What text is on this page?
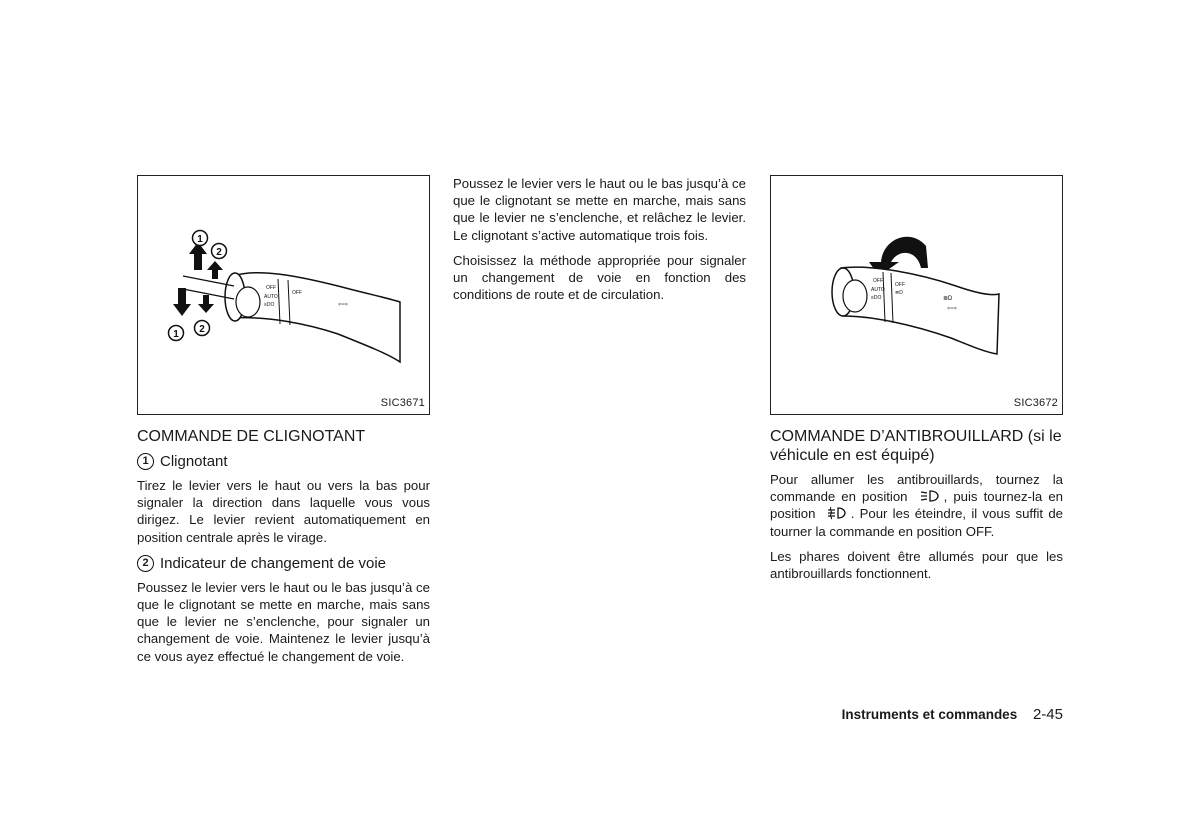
OFF
AUTO
≡DO
OFF
⇦⇨
1
2
1 2
SIC3671
COMMANDE DE CLIGNOTANT
1 Clignotant

Tirez le levier vers le haut ou vers la bas pour signaler la direction dans laquelle vous vous dirigez. Le levier revient automatiquement en position centrale après le virage.

2 Indicateur de changement de voie

Poussez le levier vers le haut ou le bas jusqu’à ce que le clignotant se mette en marche, mais sans que le levier ne s’enclenche, pour signaler un changement de voie. Maintenez le levier jusqu’à ce vous ayez effectué le changement de voie.

Poussez le levier vers le haut ou le bas jusqu’à ce que le clignotant se mette en marche, mais sans que le levier ne s’enclenche, et relâchez le levier. Le clignotant s’active automatique trois fois.

Choisissez la méthode appropriée pour signaler un changement de voie en fonction des conditions de route et de circulation.

OFF
AUTO
≡DO
OFF
≣D
≣D
⇦⇨
SIC3672
COMMANDE D’ANTIBROUILLARD (si le véhicule en est équipé)

Pour allumer les antibrouillards, tournez la commande en position	, puis tournez-la en position	. Pour les éteindre, il vous suffit de tourner la commande en position OFF.

Les phares doivent être allumés pour que les antibrouillards fonctionnent.

Instruments et commandes 2-45
